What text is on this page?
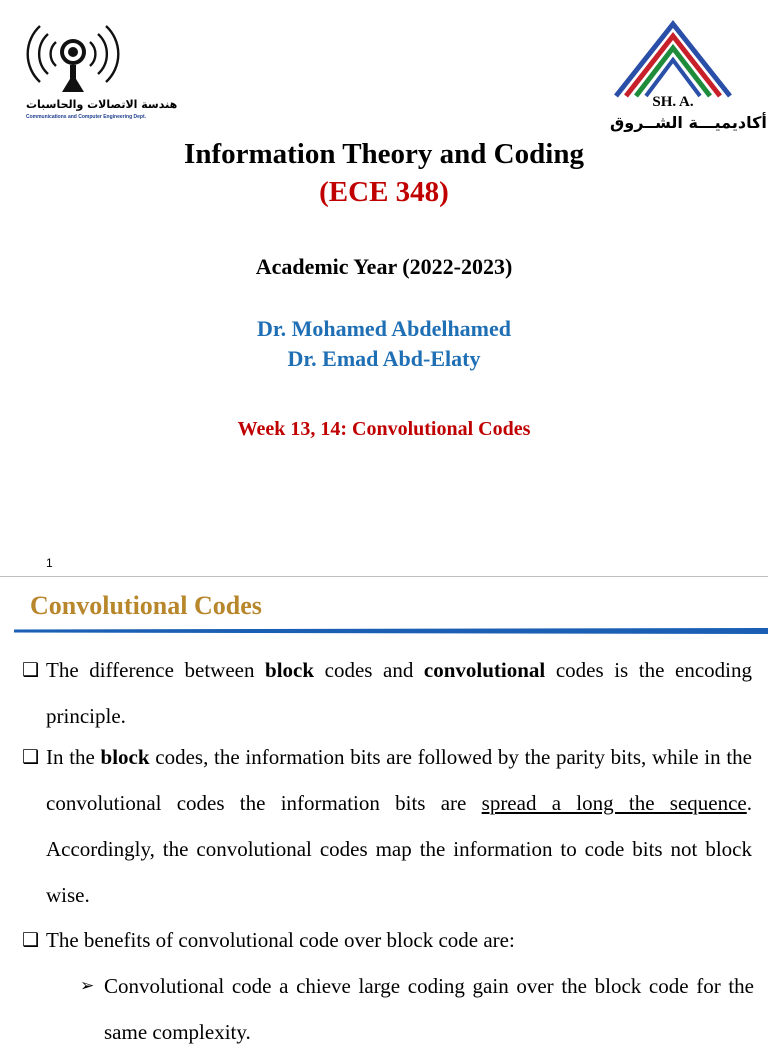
هندسة الاتصالات والحاسبات
Communications and Computer Engineering Dept.
SH. A.
أكاديميـــة الشــروق

Information Theory and Coding

(ECE 348)

Academic Year (2022-2023)

Dr. Mohamed Abdelhamed

Dr. Emad Abd-Elaty

Week 13, 14: Convolutional Codes

1
Convolutional Codes
❑ The difference between block codes and convolutional codes is the encoding principle.
❑ In the block codes, the information bits are followed by the parity bits, while in the convolutional codes the information bits are spread a long the sequence. Accordingly, the convolutional codes map the information to code bits not block wise.
❑ The benefits of convolutional code over block code are:
➢ Convolutional code a chieve large coding gain over the block code for the same complexity.
